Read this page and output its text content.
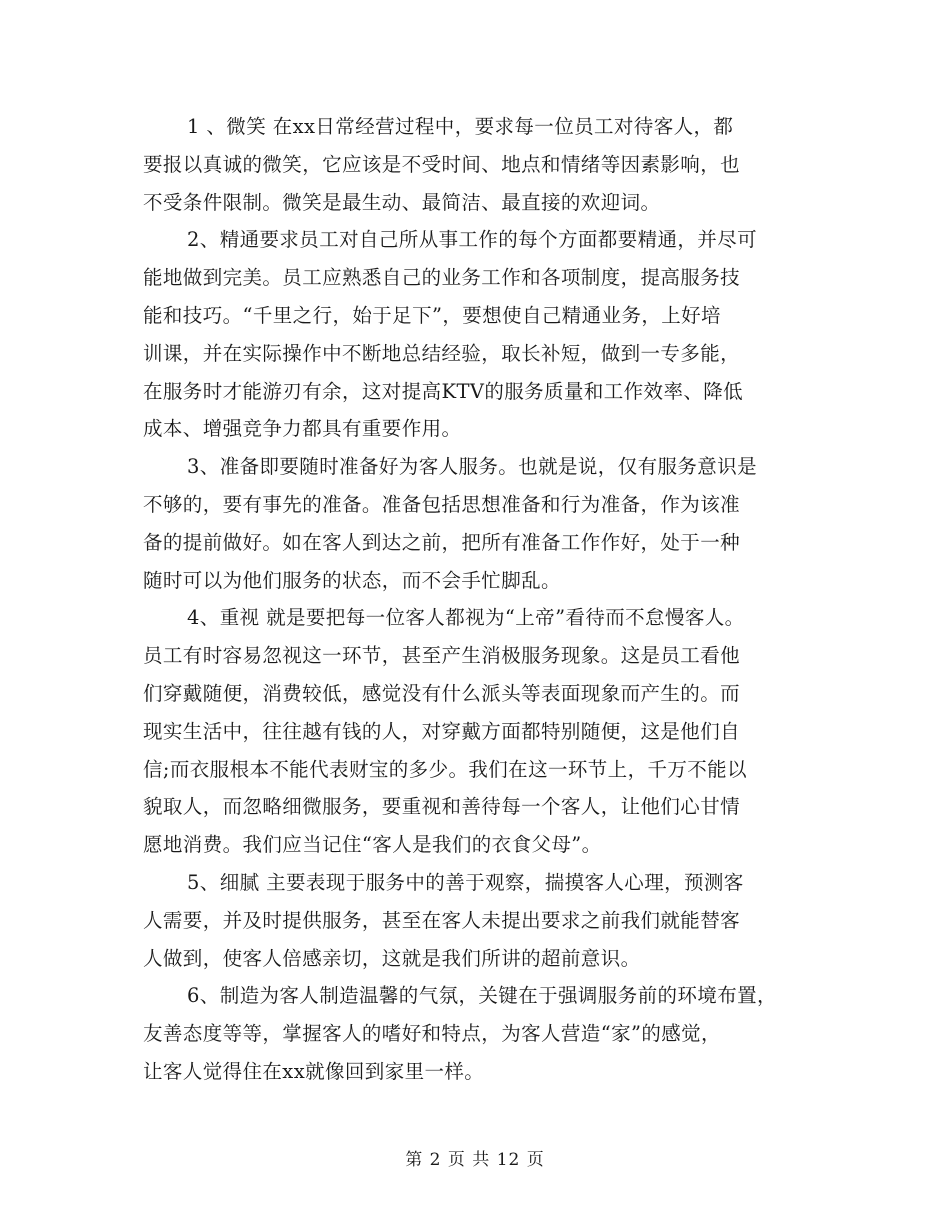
1 、微笑 在xx日常经营过程中，要求每一位员工对待客人，都
要报以真诚的微笑，它应该是不受时间、地点和情绪等因素影响，也
不受条件限制。微笑是最生动、最简洁、最直接的欢迎词。

2、精通要求员工对自己所从事工作的每个方面都要精通，并尽可
能地做到完美。员工应熟悉自己的业务工作和各项制度，提高服务技
能和技巧。“千里之行，始于足下”，要想使自己精通业务，上好培
训课，并在实际操作中不断地总结经验，取长补短，做到一专多能，
在服务时才能游刃有余，这对提高KTV的服务质量和工作效率、降低
成本、增强竞争力都具有重要作用。

3、准备即要随时准备好为客人服务。也就是说，仅有服务意识是
不够的，要有事先的准备。准备包括思想准备和行为准备，作为该准
备的提前做好。如在客人到达之前，把所有准备工作作好，处于一种
随时可以为他们服务的状态，而不会手忙脚乱。

4、重视 就是要把每一位客人都视为“上帝”看待而不怠慢客人。
员工有时容易忽视这一环节，甚至产生消极服务现象。这是员工看他
们穿戴随便，消费较低，感觉没有什么派头等表面现象而产生的。而
现实生活中，往往越有钱的人，对穿戴方面都特别随便，这是他们自
信;而衣服根本不能代表财宝的多少。我们在这一环节上，千万不能以
貌取人，而忽略细微服务，要重视和善待每一个客人，让他们心甘情
愿地消费。我们应当记住“客人是我们的衣食父母”。

5、细腻 主要表现于服务中的善于观察，揣摸客人心理，预测客
人需要，并及时提供服务，甚至在客人未提出要求之前我们就能替客
人做到，使客人倍感亲切，这就是我们所讲的超前意识。

6、制造为客人制造温馨的气氛，关键在于强调服务前的环境布置，
友善态度等等，掌握客人的嗜好和特点，为客人营造“家”的感觉，
让客人觉得住在xx就像回到家里一样。

第 2 页 共 12 页
